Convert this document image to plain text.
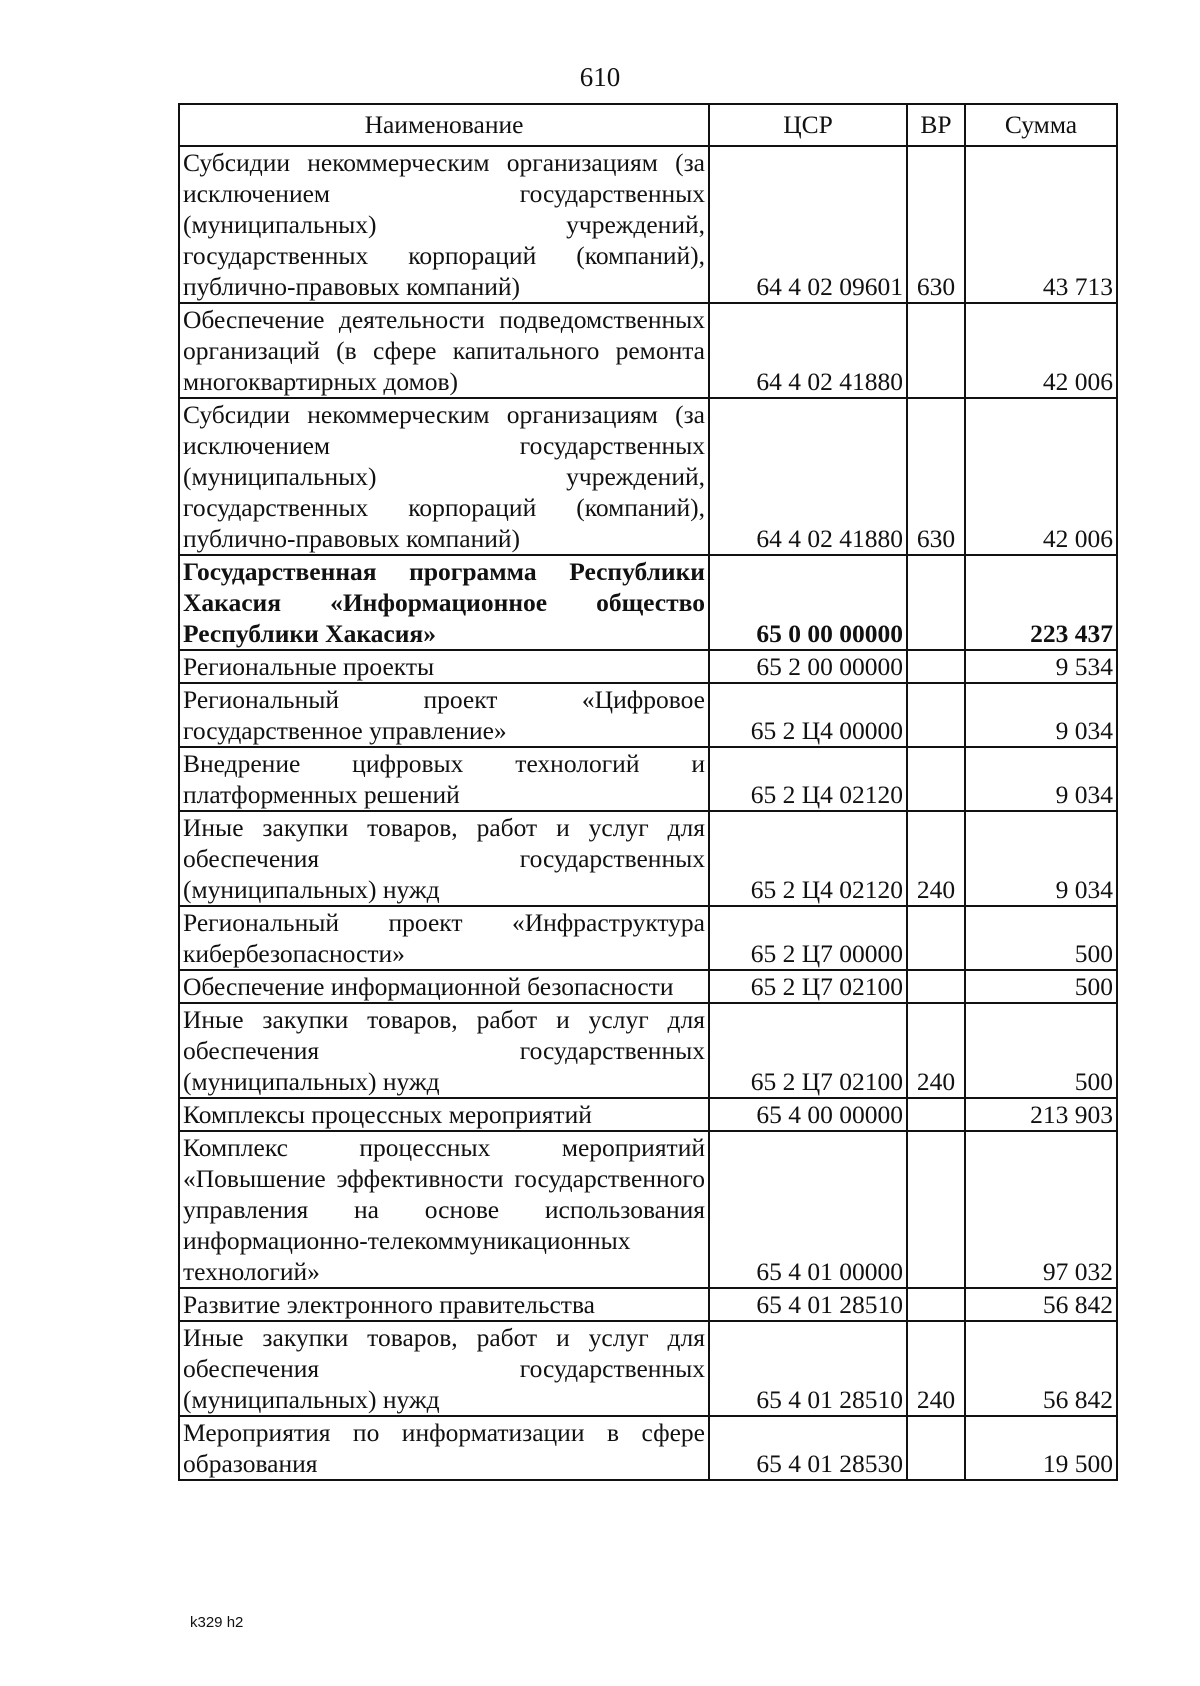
610
Наименование	ЦСР	ВР	Сумма
Субсидии некоммерческим организациям (за исключением государственных (муниципальных) учреждений, государственных корпораций (компаний), публично-правовых компаний)	64 4 02 09601	630	43 713
Обеспечение деятельности подведомственных организаций (в сфере капитального ремонта многоквартирных домов)	64 4 02 41880		42 006
Субсидии некоммерческим организациям (за исключением государственных (муниципальных) учреждений, государственных корпораций (компаний), публично-правовых компаний)	64 4 02 41880	630	42 006
Государственная программа Республики Хакасия «Информационное общество Республики Хакасия»	65 0 00 00000		223 437
Региональные проекты	65 2 00 00000		9 534
Региональный проект «Цифровое государственное управление»	65 2 Ц4 00000		9 034
Внедрение цифровых технологий и платформенных решений	65 2 Ц4 02120		9 034
Иные закупки товаров, работ и услуг для обеспечения государственных (муниципальных) нужд	65 2 Ц4 02120	240	9 034
Региональный проект «Инфраструктура кибербезопасности»	65 2 Ц7 00000		500
Обеспечение информационной безопасности	65 2 Ц7 02100		500
Иные закупки товаров, работ и услуг для обеспечения государственных (муниципальных) нужд	65 2 Ц7 02100	240	500
Комплексы процессных мероприятий	65 4 00 00000		213 903
Комплекс процессных мероприятий «Повышение эффективности государственного управления на основе использования информационно-телекоммуникационных технологий»	65 4 01 00000		97 032
Развитие электронного правительства	65 4 01 28510		56 842
Иные закупки товаров, работ и услуг для обеспечения государственных (муниципальных) нужд	65 4 01 28510	240	56 842
Мероприятия по информатизации в сфере образования	65 4 01 28530		19 500
k329 h2
